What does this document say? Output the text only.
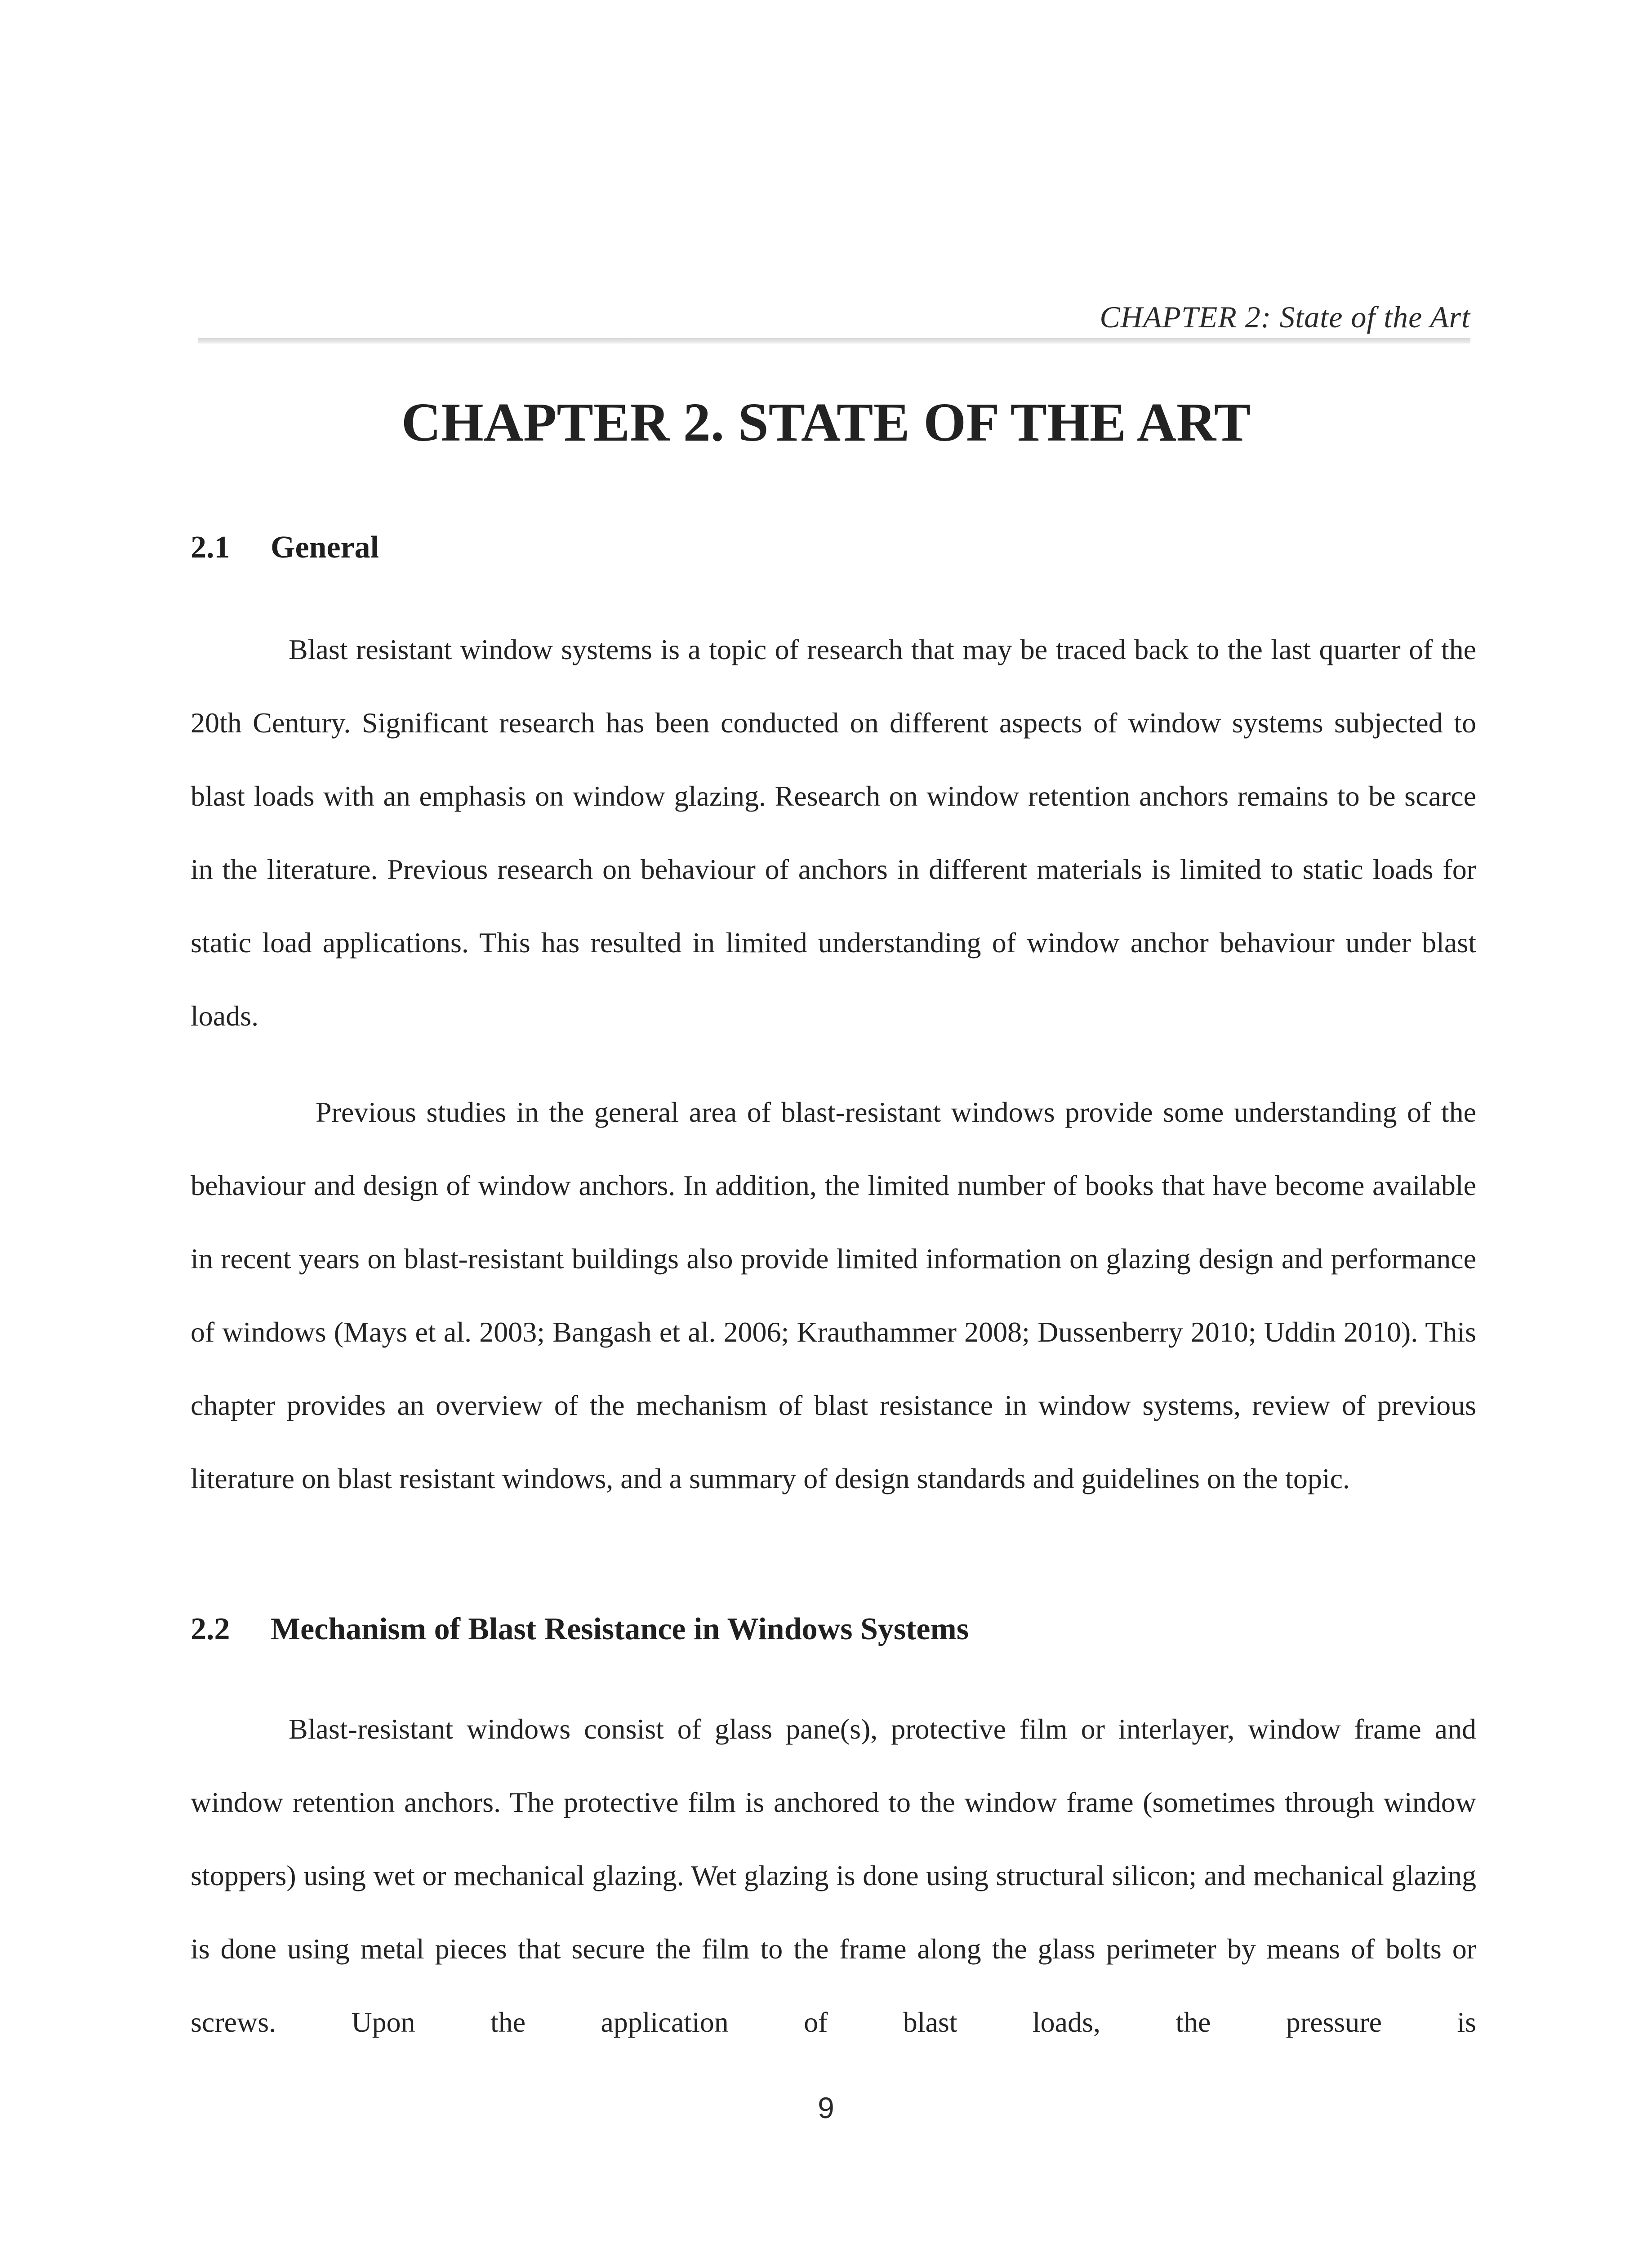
CHAPTER 2: State of the Art
CHAPTER 2. STATE OF THE ART
2.1 General
Blast resistant window systems is a topic of research that may be traced back to the last quarter of the 20th Century. Significant research has been conducted on different aspects of window systems subjected to blast loads with an emphasis on window glazing. Research on window retention anchors remains to be scarce in the literature. Previous research on behaviour of anchors in different materials is limited to static loads for static load applications. This has resulted in limited understanding of window anchor behaviour under blast loads.
Previous studies in the general area of blast-resistant windows provide some understanding of the behaviour and design of window anchors. In addition, the limited number of books that have become available in recent years on blast-resistant buildings also provide limited information on glazing design and performance of windows (Mays et al. 2003; Bangash et al. 2006; Krauthammer 2008; Dussenberry 2010; Uddin 2010). This chapter provides an overview of the mechanism of blast resistance in window systems, review of previous literature on blast resistant windows, and a summary of design standards and guidelines on the topic.
2.2 Mechanism of Blast Resistance in Windows Systems
Blast-resistant windows consist of glass pane(s), protective film or interlayer, window frame and window retention anchors. The protective film is anchored to the window frame (sometimes through window stoppers) using wet or mechanical glazing. Wet glazing is done using structural silicon; and mechanical glazing is done using metal pieces that secure the film to the frame along the glass perimeter by means of bolts or screws. Upon the application of blast loads, the pressure is
9
